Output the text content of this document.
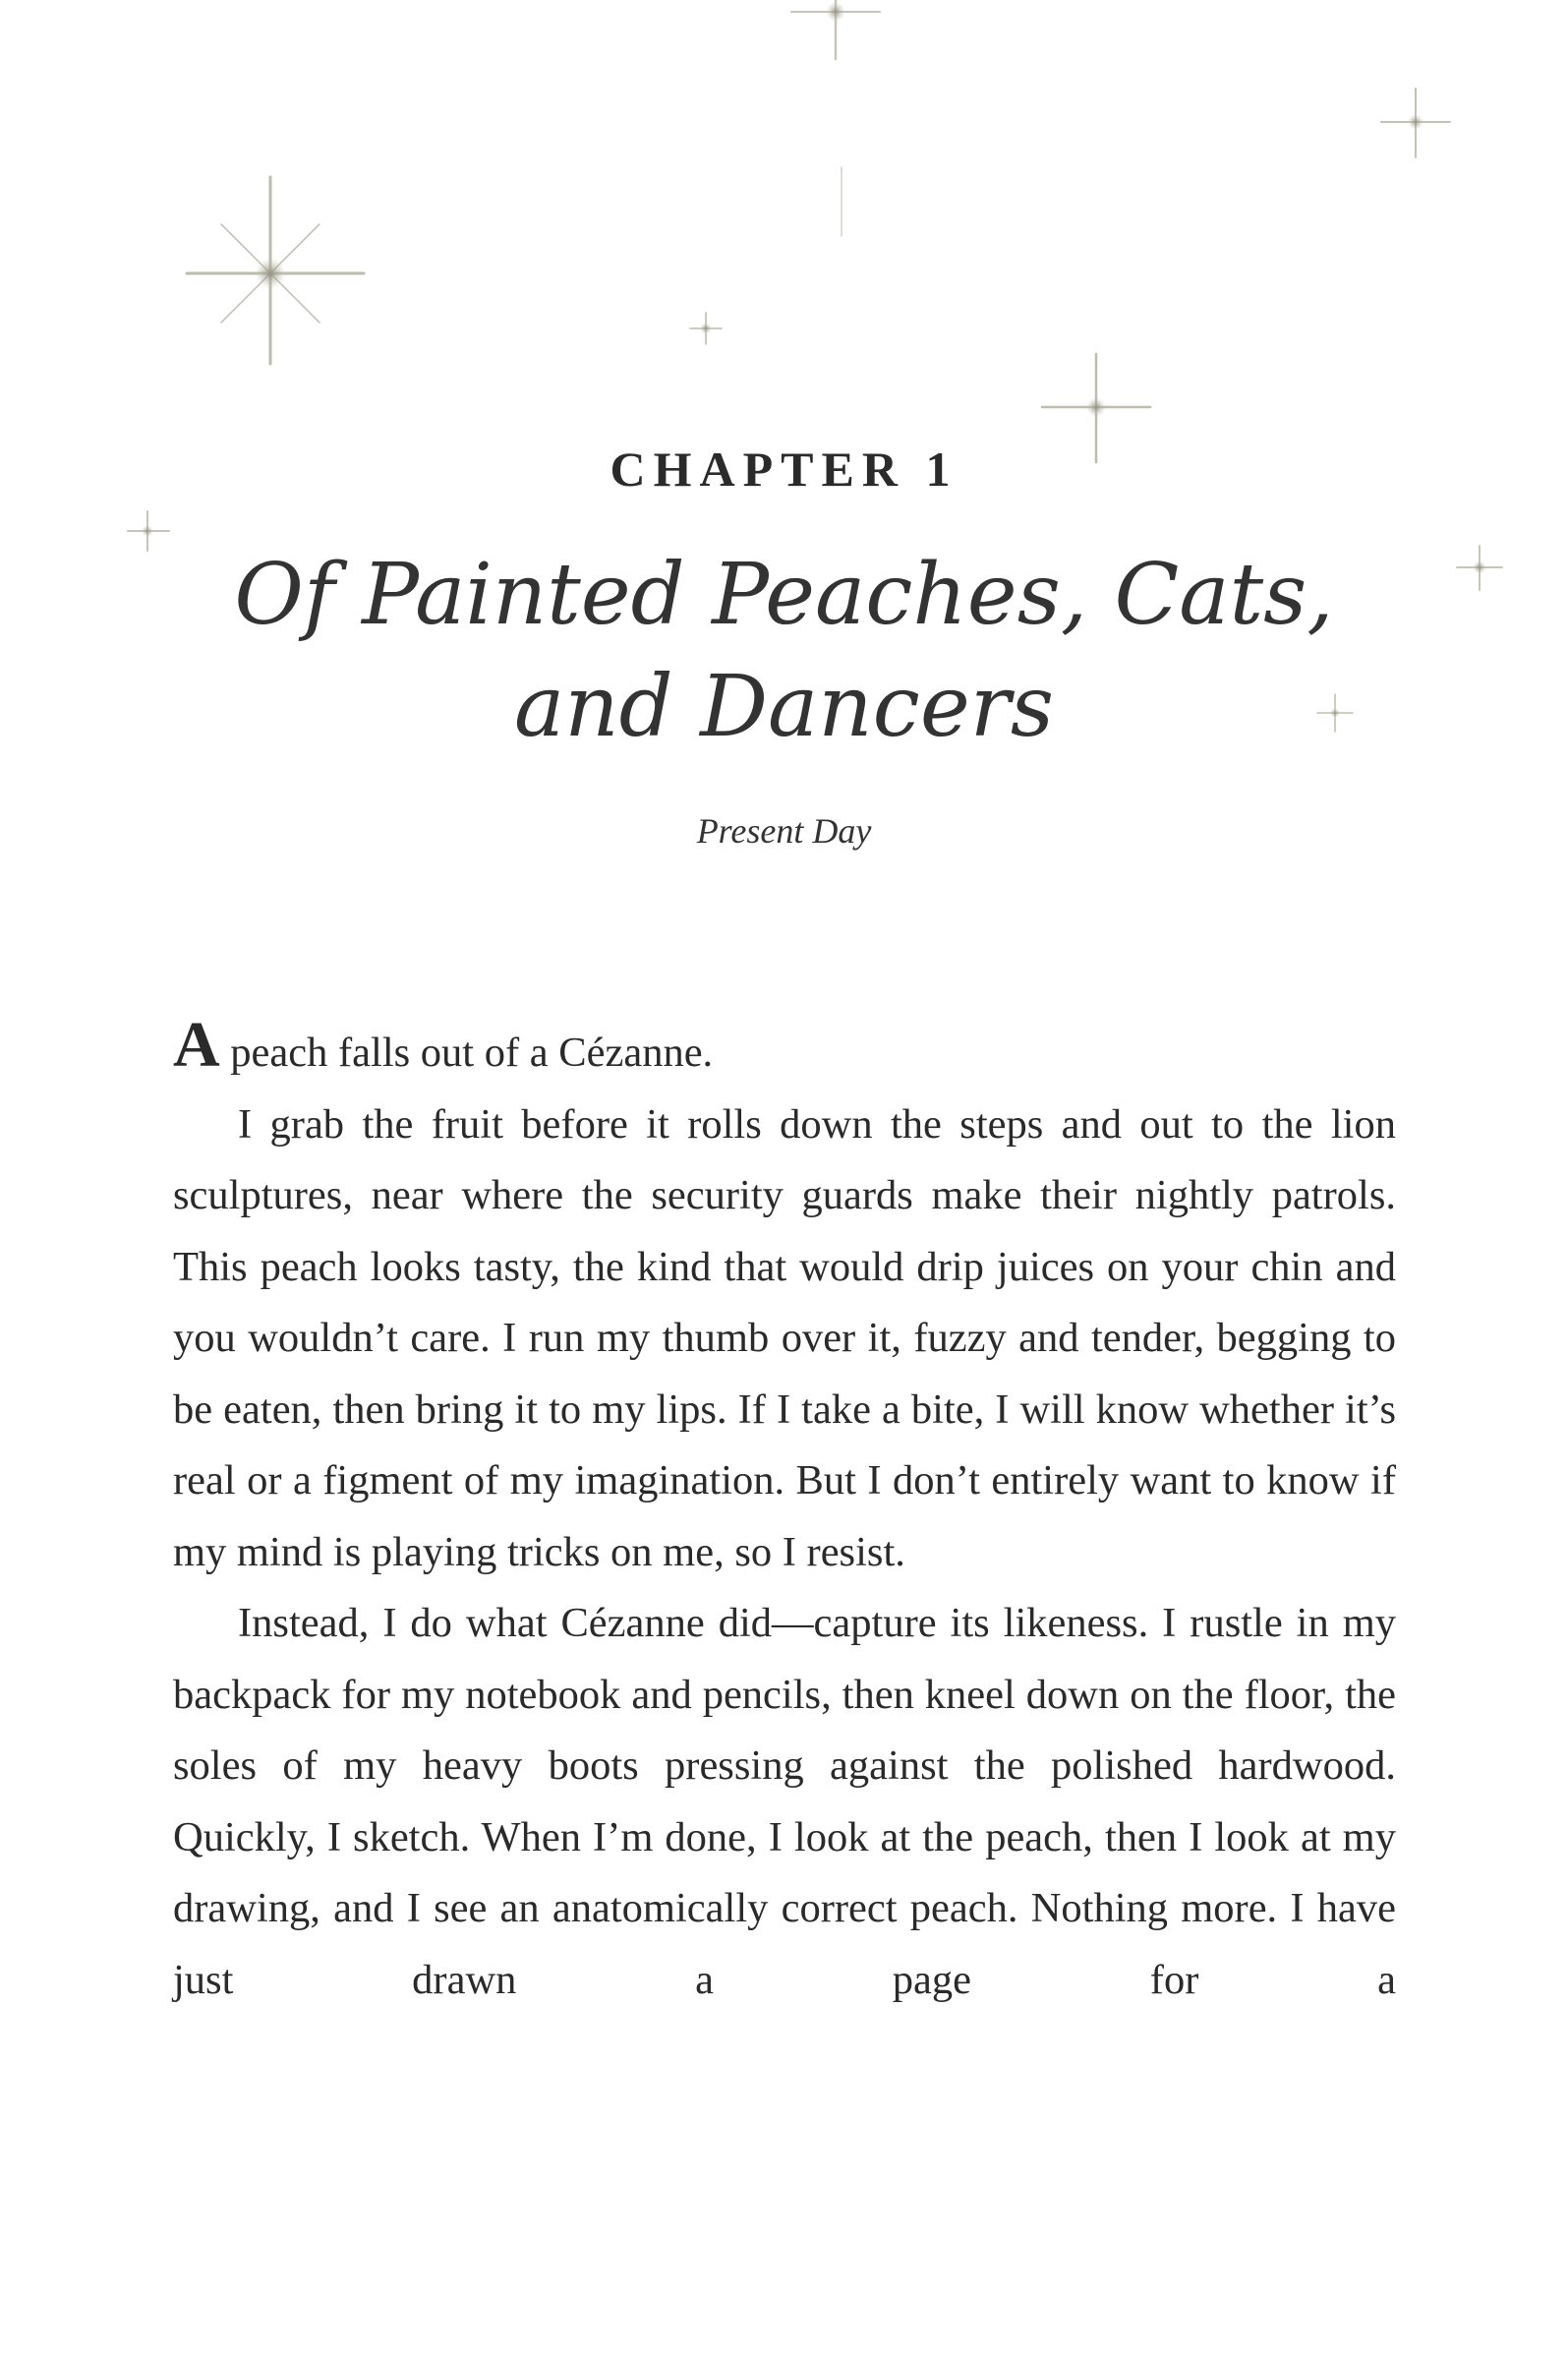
CHAPTER 1
Of Painted Peaches, Cats,
and Dancers
Present Day

A peach falls out of a Cézanne.

I grab the fruit before it rolls down the steps and out to the lion sculptures, near where the security guards make their nightly patrols. This peach looks tasty, the kind that would drip juices on your chin and you wouldn’t care. I run my thumb over it, fuzzy and tender, begging to be eaten, then bring it to my lips. If I take a bite, I will know whether it’s real or a figment of my imagination. But I don’t entirely want to know if my mind is playing tricks on me, so I resist.

Instead, I do what Cézanne did—capture its likeness. I rustle in my backpack for my notebook and pencils, then kneel down on the floor, the soles of my heavy boots pressing against the polished hardwood. Quickly, I sketch. When I’m done, I look at the peach, then I look at my drawing, and I see an anatomically correct peach. Nothing more. I have just drawn a page for a
